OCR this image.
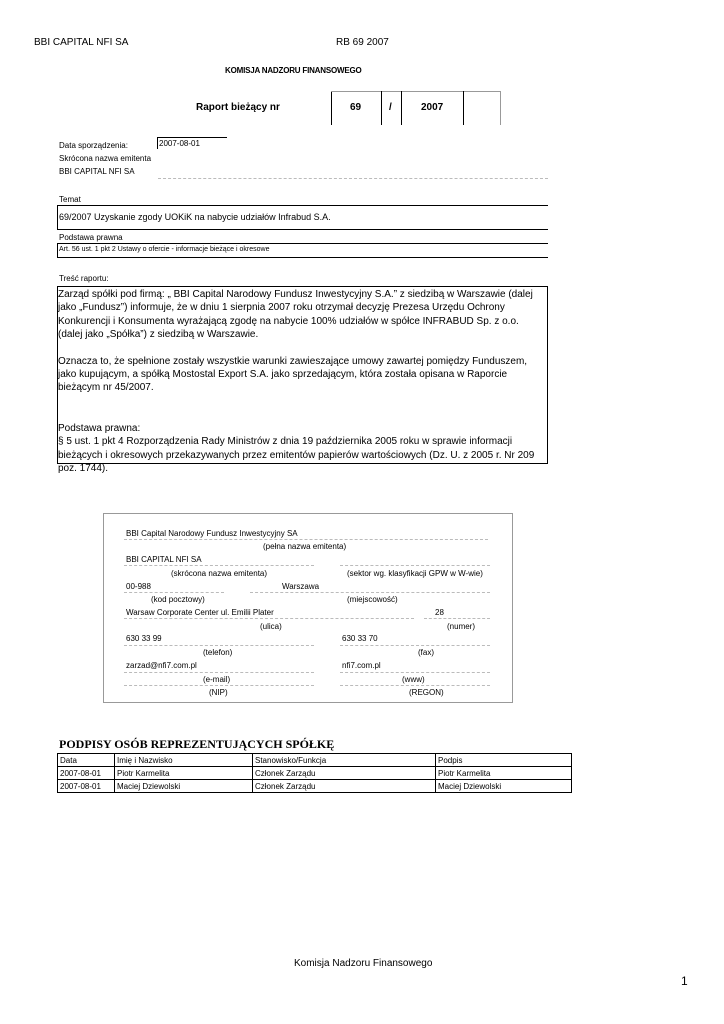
BBI CAPITAL NFI SA	RB 69 2007
KOMISJA NADZORU FINANSOWEGO
Raport bieżący nr	69	/	2007
Data sporządzenia:	2007-08-01
Skrócona nazwa emitenta
BBI CAPITAL NFI SA
Temat
69/2007 Uzyskanie zgody UOKiK na nabycie udziałów Infrabud S.A.
Podstawa prawna
Art. 56 ust. 1 pkt 2 Ustawy o ofercie - informacje bieżące i okresowe
Treść raportu:
Zarząd spółki pod firmą: „ BBI Capital Narodowy Fundusz Inwestycyjny S.A.” z siedzibą w Warszawie (dalej jako „Fundusz”) informuje, że w dniu 1 sierpnia 2007 roku otrzymał decyzję Prezesa Urzędu Ochrony Konkurencji i Konsumenta wyrażającą zgodę na nabycie 100% udziałów w spółce INFRABUD Sp. z o.o. (dalej jako „Spółka”) z siedzibą w Warszawie.
Oznacza to, że spełnione zostały wszystkie warunki zawieszające umowy zawartej pomiędzy Funduszem, jako kupującym, a spółką Mostostal Export S.A. jako sprzedającym, która została opisana w Raporcie bieżącym nr 45/2007.
Podstawa prawna:
§ 5 ust. 1 pkt 4 Rozporządzenia Rady Ministrów z dnia 19 października 2005 roku w sprawie informacji bieżących i okresowych przekazywanych przez emitentów papierów wartościowych (Dz. U. z 2005 r. Nr 209 poz. 1744).
BBI Capital Narodowy Fundusz Inwestycyjny SA
(pełna nazwa emitenta)
BBI CAPITAL NFI SA
(skrócona nazwa emitenta)	(sektor wg. klasyfikacji GPW w W-wie)
00-988	Warszawa
(kod pocztowy)	(miejscowość)
Warsaw Corporate Center ul. Emilii Plater	28
(ulica)	(numer)
630 33 99	630 33 70
(telefon)	(fax)
zarzad@nfi7.com.pl	nfi7.com.pl
(e-mail)	(www)
(NIP)	(REGON)
PODPISY OSÓB REPREZENTUJĄCYCH SPÓŁKĘ
Data	Imię i Nazwisko	Stanowisko/Funkcja	Podpis
2007-08-01	Piotr Karmelita	Członek Zarządu	Piotr Karmelita
2007-08-01	Maciej Dziewolski	Członek Zarządu	Maciej Dziewolski
Komisja Nadzoru Finansowego
1
